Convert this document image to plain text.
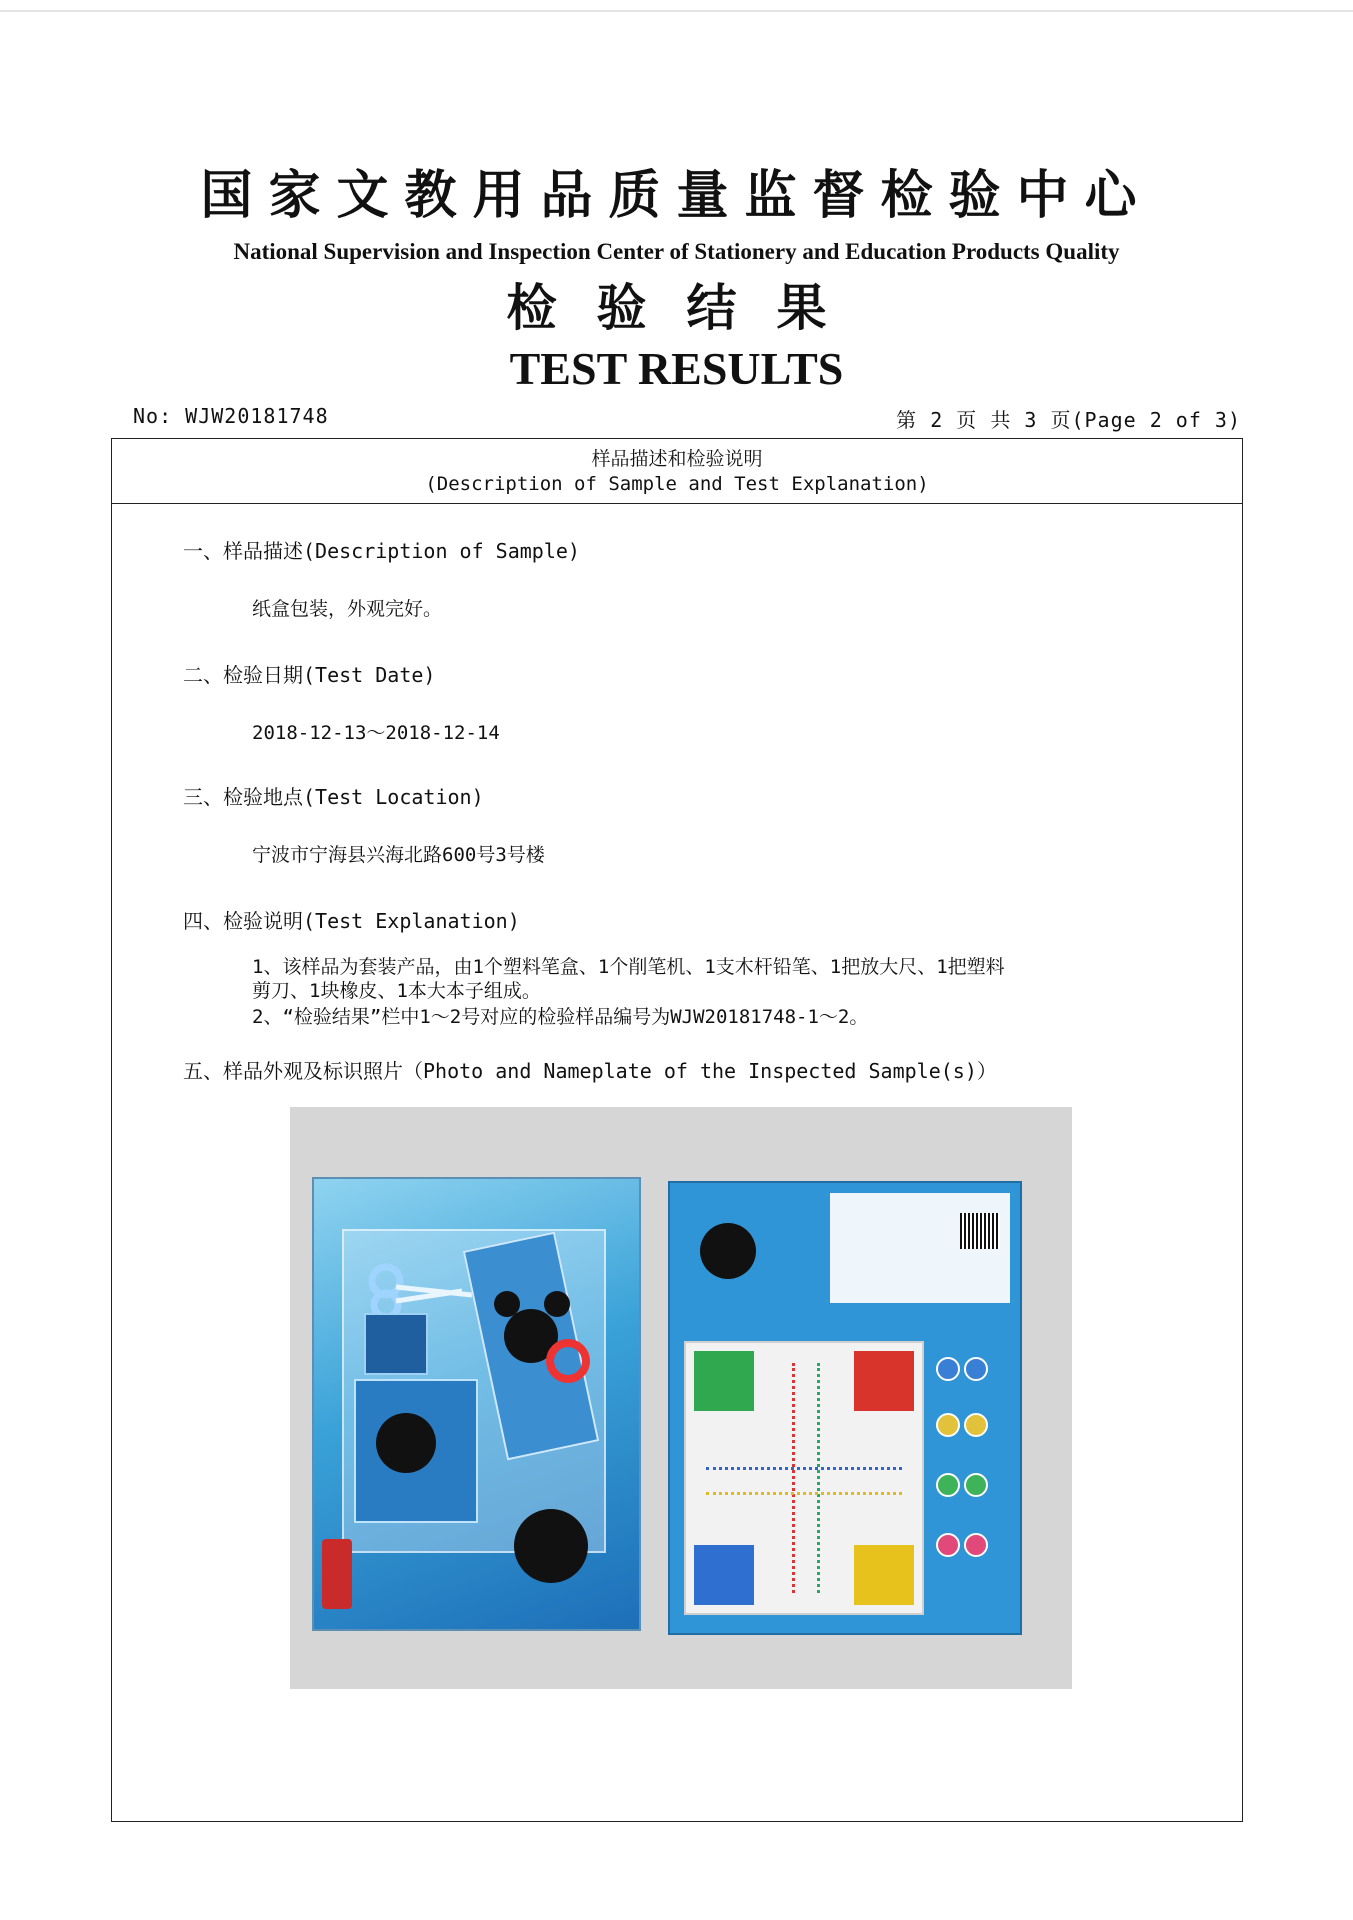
国家文教用品质量监督检验中心
National Supervision and Inspection Center of Stationery and Education Products Quality
检验结果
TEST RESULTS
No: WJW20181748	第 2 页 共 3 页(Page 2 of 3)
样品描述和检验说明
(Description of Sample and Test Explanation)
一、样品描述(Description of Sample)
纸盒包装，外观完好。
二、检验日期(Test Date)
2018-12-13～2018-12-14
三、检验地点(Test Location)
宁波市宁海县兴海北路600号3号楼
四、检验说明(Test Explanation)
1、该样品为套装产品，由1个塑料笔盒、1个削笔机、1支木杆铅笔、1把放大尺、1把塑料
剪刀、1块橡皮、1本大本子组成。
2、“检验结果”栏中1～2号对应的检验样品编号为WJW20181748-1～2。
五、样品外观及标识照片（Photo and Nameplate of the Inspected Sample(s)）
